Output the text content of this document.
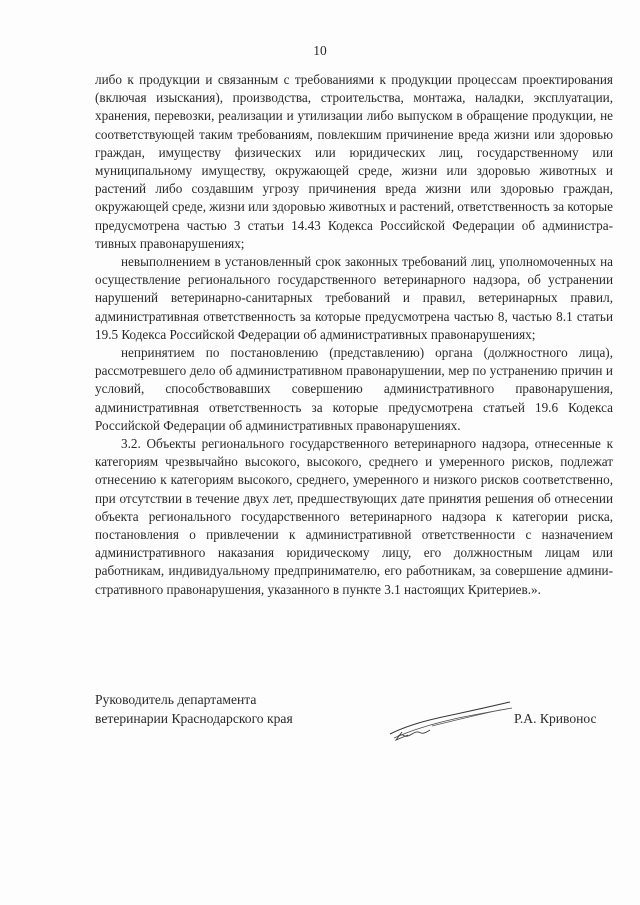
10

либо к продукции и связанным с требованиями к продукции процессам проектирования (включая изыскания), производства, строительства, монтажа, наладки, эксплуатации, хранения, перевозки, реализации и утилизации либо выпуском в обращение продукции, не соответствующей таким требованиям, повлекшим причинение вреда жизни или здоровью граждан, имуществу физических или юридических лиц, государственному или муниципальному имуществу, окружающей среде, жизни или здоровью животных и растений либо создавшим угрозу причинения вреда жизни или здоровью граждан, окружающей среде, жизни или здоровью животных и растений, ответственность за которые предусмотрена частью 3 статьи 14.43 Кодекса Российской Федерации об административных правонарушениях;

невыполнением в установленный срок законных требований лиц, уполномоченных на осуществление регионального государственного ветеринарного надзора, об устранении нарушений ветеринарно-санитарных требований и правил, ветеринарных правил, административная ответственность за которые предусмотрена частью 8, частью 8.1 статьи 19.5 Кодекса Российской Федерации об административных правонарушениях;

непринятием по постановлению (представлению) органа (должностного лица), рассмотревшего дело об административном правонарушении, мер по устранению причин и условий, способствовавших совершению административного правонарушения, административная ответственность за которые предусмотрена статьей 19.6 Кодекса Российской Федерации об административных правонарушениях.

3.2. Объекты регионального государственного ветеринарного надзора, отнесенные к категориям чрезвычайно высокого, высокого, среднего и умеренного рисков, подлежат отнесению к категориям высокого, среднего, умеренного и низкого рисков соответственно, при отсутствии в течение двух лет, предшествующих дате принятия решения об отнесении объекта регионального государственного ветеринарного надзора к категории риска, постановления о привлечении к административной ответственности с назначением административного наказания юридическому лицу, его должностным лицам или работникам, индивидуальному предпринимателю, его работникам, за совершение административного правонарушения, указанного в пункте 3.1 настоящих Критериев.».

Руководитель департамента
ветеринарии Краснодарского края	Р.А. Кривонос
